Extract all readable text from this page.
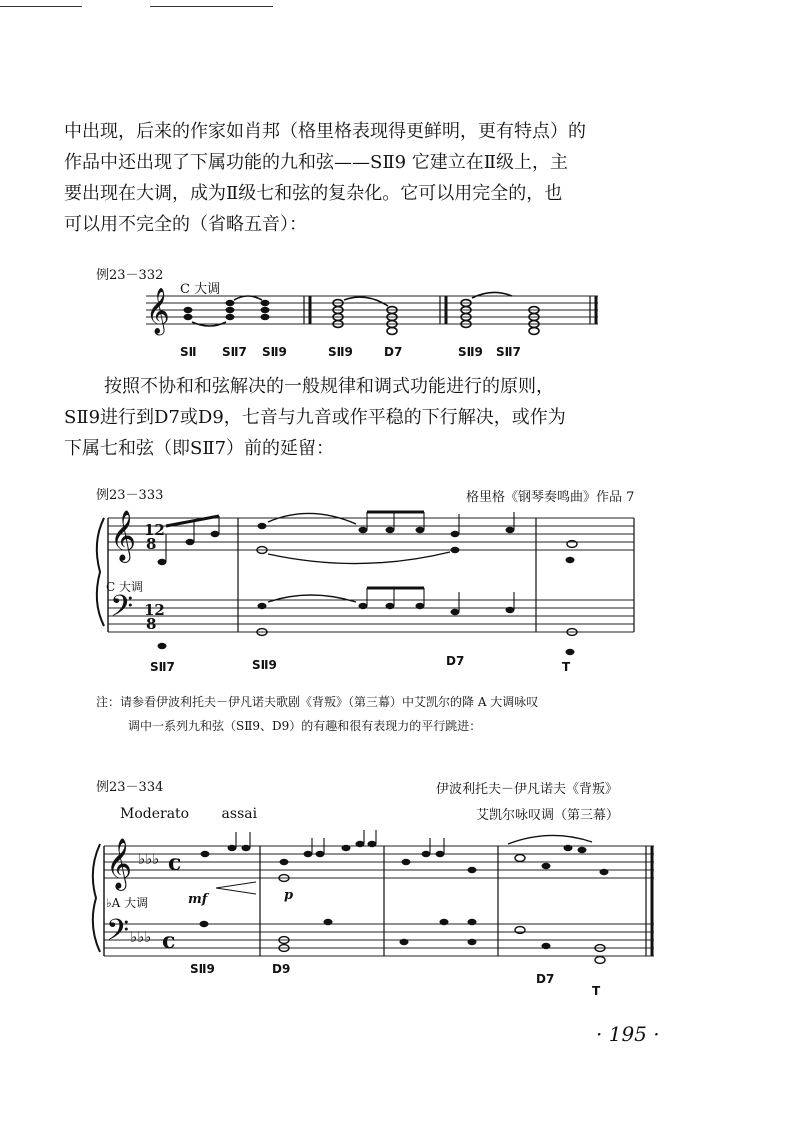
中出现，后来的作家如肖邦（格里格表现得更鲜明，更有特点）的

作品中还出现了下属功能的九和弦——SⅡ9 它建立在Ⅱ级上，主

要出现在大调，成为Ⅱ级七和弦的复杂化。它可以用完全的，也

可以用不完全的（省略五音）：

例23－332
C 大调
𝄞
SⅡ SⅡ7 SⅡ9	SⅡ9	D7	SⅡ9 SⅡ7

按照不协和和弦解决的一般规律和调式功能进行的原则，

SⅡ9进行到D7或D9，七音与九音或作平稳的下行解决，或作为

下属七和弦（即SⅡ7）前的延留：

例23－333	格里格《钢琴奏鸣曲》作品 7
𝄞
𝄢
12
8
12
8
C 大调
SⅡ7	SⅡ9	D7	T
注：请参看伊波利托夫－伊凡诺夫歌剧《背叛》（第三幕）中艾凯尔的降 A 大调咏叹
调中一系列九和弦（SⅡ9、D9）的有趣和很有表现力的平行跳进：
例23－334	伊波利托夫－伊凡诺夫《背叛》
艾凯尔咏叹调（第三幕）
Moderato assai
𝄞
𝄢
♭♭♭
♭♭♭
c
c
♭A 大调	mf	p
SⅡ9	D9
D7
T
· 195 ·
